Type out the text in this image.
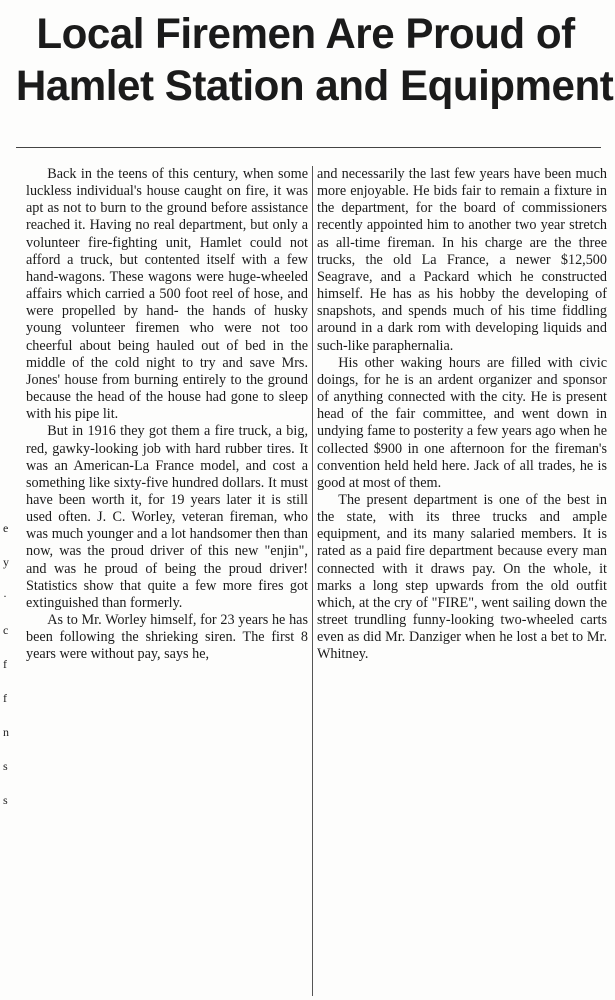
Local Firemen Are Proud of
Hamlet Station and Equipment

Back in the teens of this century, when some luckless individual's house caught on fire, it was apt as not to burn to the ground before assistance reached it. Having no real department, but only a volunteer fire-fighting unit, Hamlet could not afford a truck, but contented itself with a few hand-wagons. These wagons were huge-wheeled affairs which carried a 500 foot reel of hose, and were propelled by hand- the hands of husky young volunteer firemen who were not too cheerful about being hauled out of bed in the middle of the cold night to try and save Mrs. Jones' house from burning entirely to the ground because the head of the house had gone to sleep with his pipe lit.

But in 1916 they got them a fire truck, a big, red, gawky-looking job with hard rubber tires. It was an American-La France model, and cost a something like sixty-five hundred dollars. It must have been worth it, for 19 years later it is still used often. J. C. Worley, veteran fireman, who was much younger and a lot handsomer then than now, was the proud driver of this new "enjin", and was he proud of being the proud driver! Statistics show that quite a few more fires got extinguished than formerly.

As to Mr. Worley himself, for 23 years he has been following the shrieking siren. The first 8 years were without pay, says he,

and necessarily the last few years have been much more enjoyable. He bids fair to remain a fixture in the department, for the board of commissioners recently appointed him to another two year stretch as all-time fireman. In his charge are the three trucks, the old La France, a newer $12,500 Seagrave, and a Packard which he constructed himself. He has as his hobby the developing of snapshots, and spends much of his time fiddling around in a dark rom with developing liquids and such-like paraphernalia.

His other waking hours are filled with civic doings, for he is an ardent organizer and sponsor of anything connected with the city. He is present head of the fair committee, and went down in undying fame to posterity a few years ago when he collected $900 in one afternoon for the fireman's convention held held here. Jack of all trades, he is good at most of them.

The present department is one of the best in the state, with its three trucks and ample equipment, and its many salaried members. It is rated as a paid fire department because every man connected with it draws pay. On the whole, it marks a long step upwards from the old outfit which, at the cry of "FIRE", went sailing down the street trundling funny-looking two-wheeled carts even as did Mr. Danziger when he lost a bet to Mr. Whitney.

e
y
·
c
f
f
n
s
s
